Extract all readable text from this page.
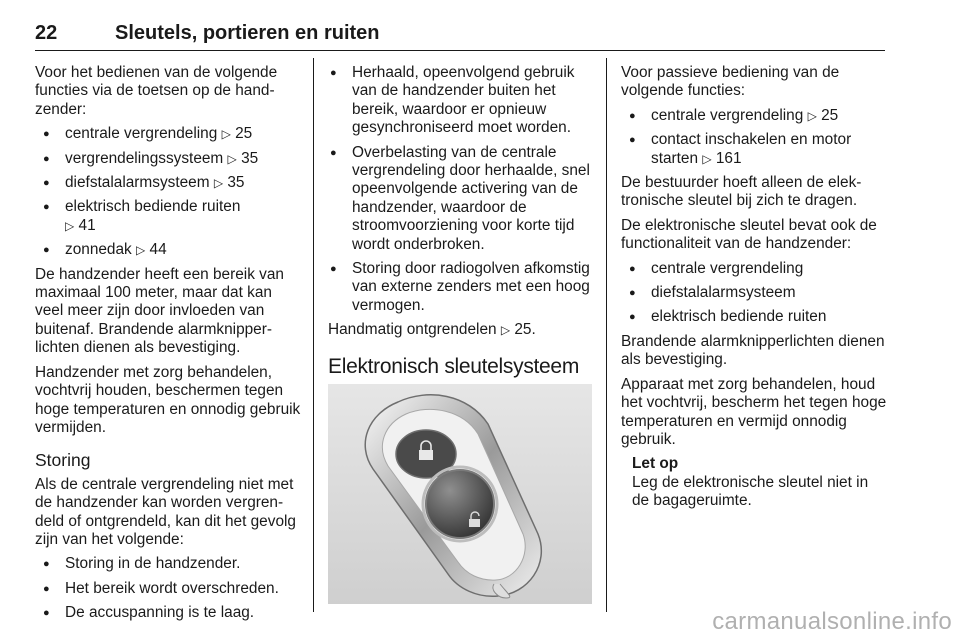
22	Sleutels, portieren en ruiten

Voor het bedienen van de volgende functies via de toetsen op de handzender:

● centrale vergrendeling ▷ 25
● vergrendelingssysteem ▷ 35
● diefstalalarmsysteem ▷ 35
● elektrisch bediende ruiten
▷ 41
● zonnedak ▷ 44

De handzender heeft een bereik van maximaal 100 meter, maar dat kan veel meer zijn door invloeden van buitenaf. Brandende alarmknipperlichten dienen als bevestiging.

Handzender met zorg behandelen, vochtvrij houden, beschermen tegen hoge temperaturen en onnodig gebruik vermijden.

Storing

Als de centrale vergrendeling niet met de handzender kan worden vergrendeld of ontgrendeld, kan dit het gevolg zijn van het volgende:

● Storing in de handzender.
● Het bereik wordt overschreden.
● De accuspanning is te laag.
● Herhaald, opeenvolgend gebruik van de handzender buiten het bereik, waardoor er opnieuw gesynchroniseerd moet worden.
● Overbelasting van de centrale vergrendeling door herhaalde, snel opeenvolgende activering van de handzender, waardoor de stroomvoorziening voor korte tijd wordt onderbroken.
● Storing door radiogolven afkomstig van externe zenders met een hoog vermogen.

Handmatig ontgrendelen ▷ 25.

Elektronisch sleutelsysteem

Voor passieve bediening van de volgende functies:

● centrale vergrendeling ▷ 25
● contact inschakelen en motor starten ▷ 161

De bestuurder hoeft alleen de elektronische sleutel bij zich te dragen.

De elektronische sleutel bevat ook de functionaliteit van de handzender:

● centrale vergrendeling
● diefstalalarmsysteem
● elektrisch bediende ruiten

Brandende alarmknipperlichten dienen als bevestiging.

Apparaat met zorg behandelen, houd het vochtvrij, bescherm het tegen hoge temperaturen en vermijd onnodig gebruik.

Let op
Leg de elektronische sleutel niet in de bagageruimte.
carmanualsonline.info
